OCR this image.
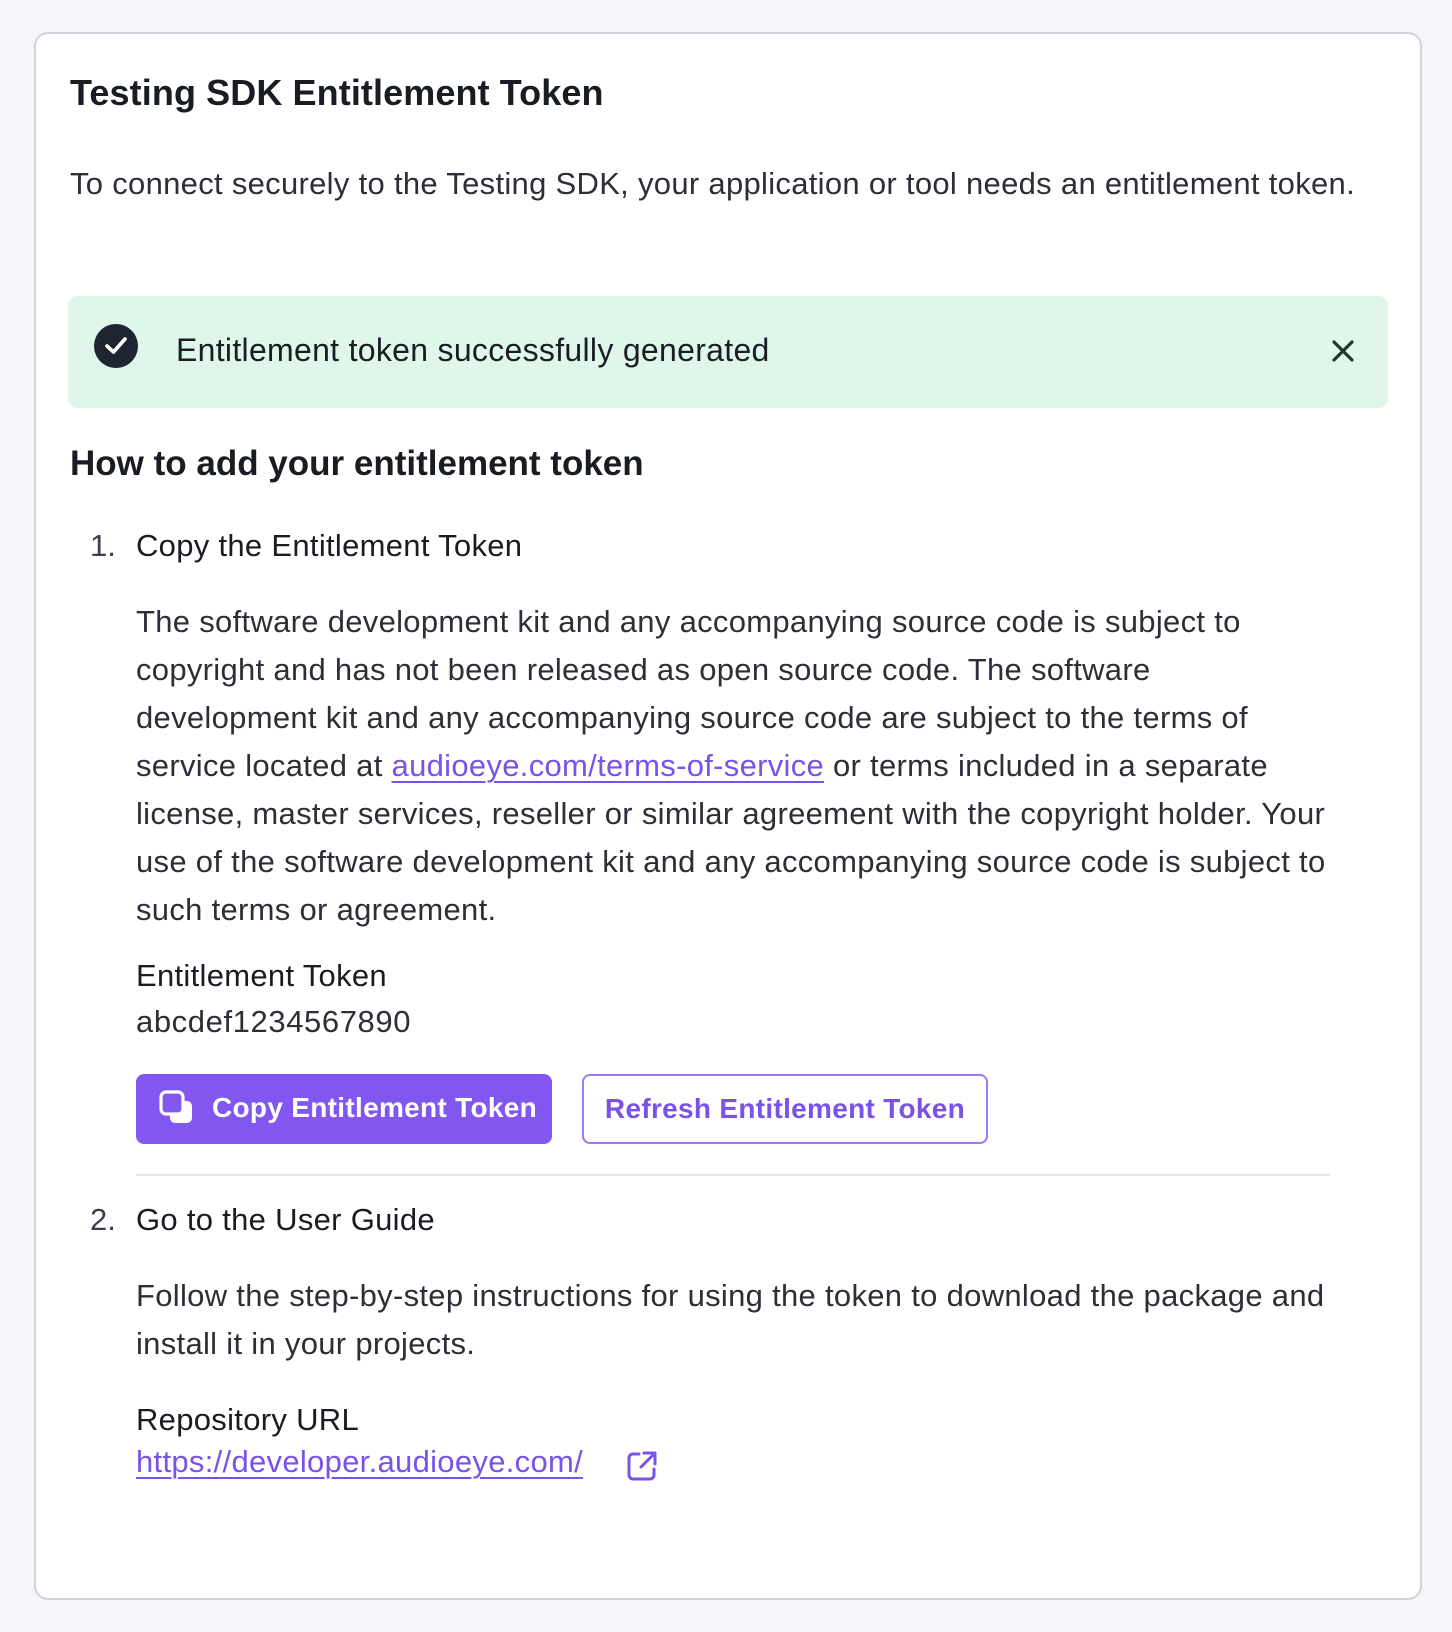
Testing SDK Entitlement Token

To connect securely to the Testing SDK, your application or tool needs an entitlement token.

Entitlement token successfully generated
How to add your entitlement token
1. Copy the Entitlement Token

The software development kit and any accompanying source code is subject to copyright and has not been released as open source code. The software development kit and any accompanying source code are subject to the terms of service located at audioeye.com/terms-of-service or terms included in a separate license, master services, reseller or similar agreement with the copyright holder. Your use of the software development kit and any accompanying source code is subject to such terms or agreement.

Entitlement Token
abcdef1234567890
Copy Entitlement Token	Refresh Entitlement Token
2. Go to the User Guide

Follow the step-by-step instructions for using the token to download the package and install it in your projects.

Repository URL
https://developer.audioeye.com/
